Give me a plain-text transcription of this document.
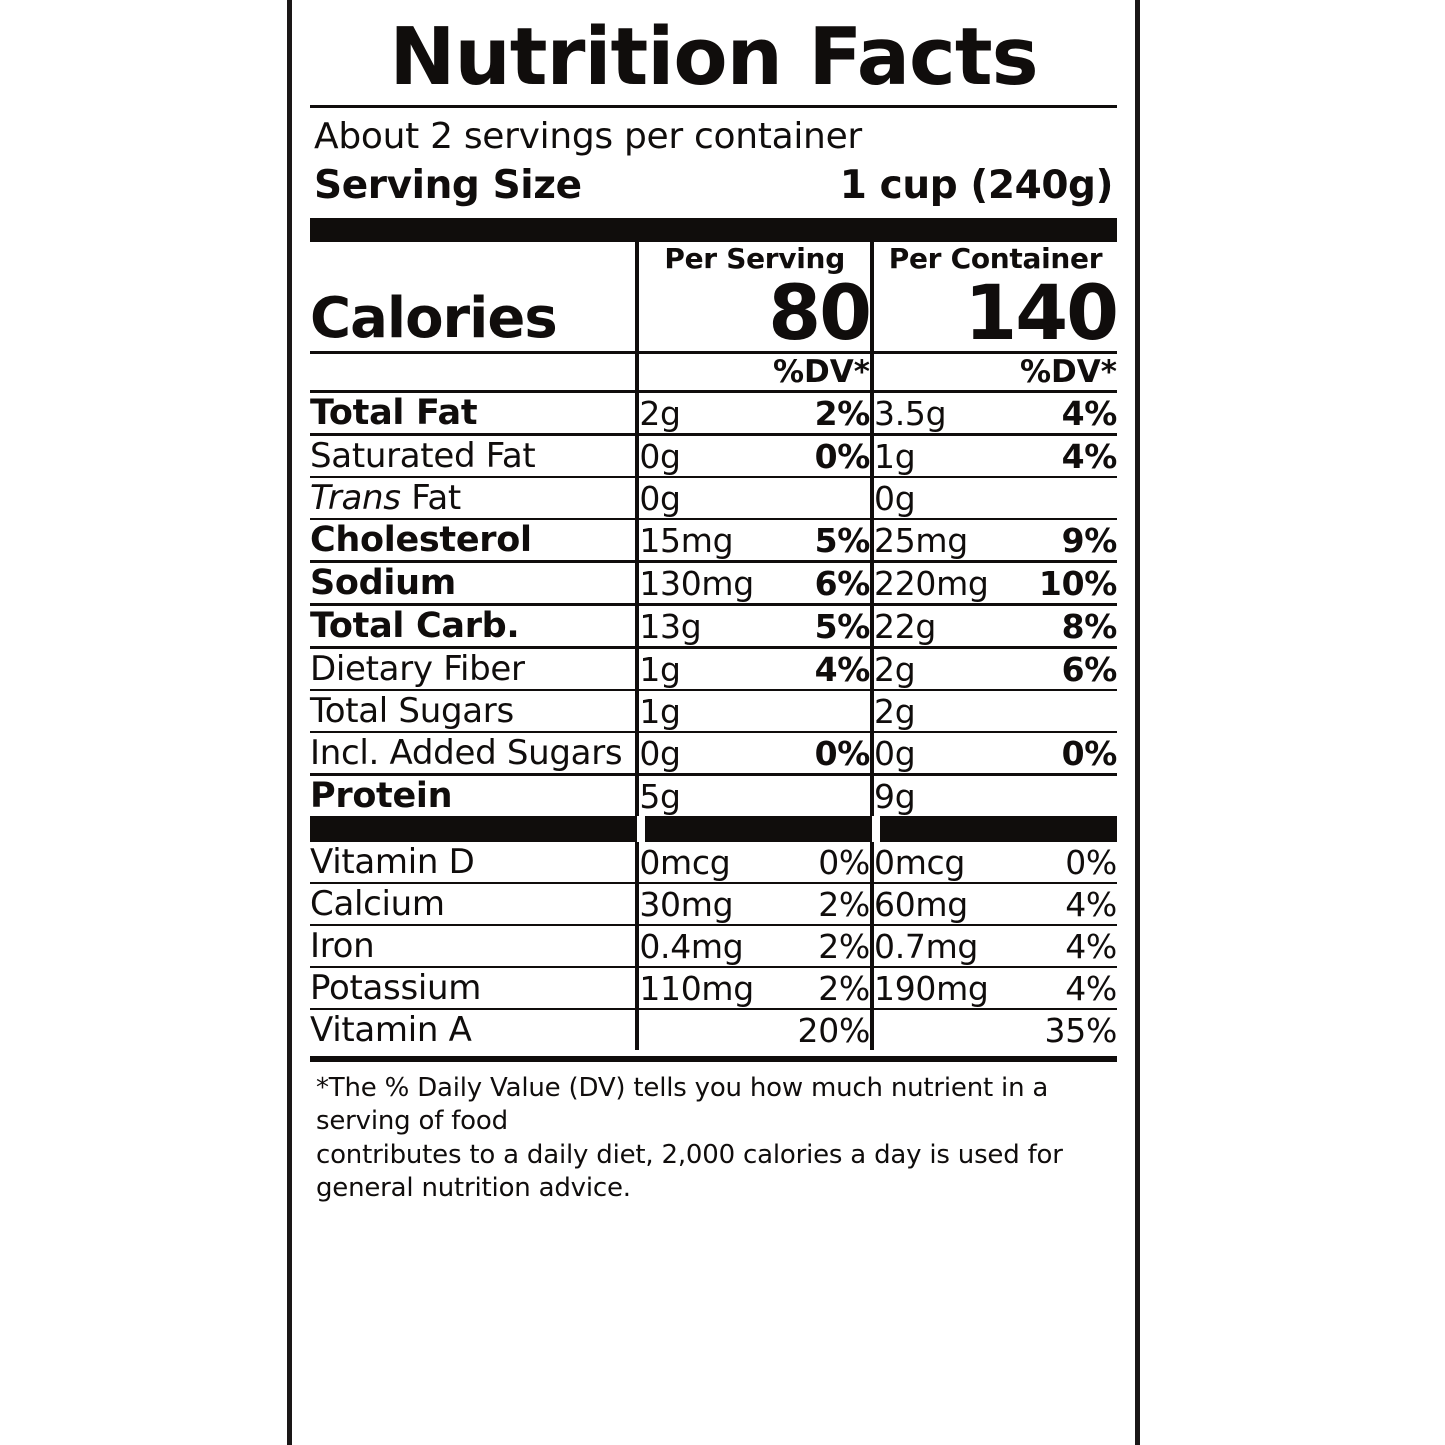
Nutrition Facts
About 2 servings per container
Serving Size	1 cup (240g)
	Per Serving		Per Container	
Calories	80		140	
		%DV*		%DV*
Total Fat	2g	2%	3.5g	4%
Saturated Fat	0g	0%	1g	4%
Trans Fat	0g		0g	
Cholesterol	15mg	5%	25mg	9%
Sodium	130mg	6%	220mg	10%
Total Carb.	13g	5%	22g	8%
Dietary Fiber	1g	4%	2g	6%
Total Sugars	1g		2g	
Incl. Added Sugars	0g	0%	0g	0%
Protein	5g		9g	

Vitamin D	0mcg	0%	0mcg	0%
Calcium	30mg	2%	60mg	4%
Iron	0.4mg	2%	0.7mg	4%
Potassium	110mg	2%	190mg	4%
Vitamin A		20%		35%
*The % Daily Value (DV) tells you how much nutrient in a serving of food
contributes to a daily diet, 2,000 calories a day is used for general nutrition advice.
